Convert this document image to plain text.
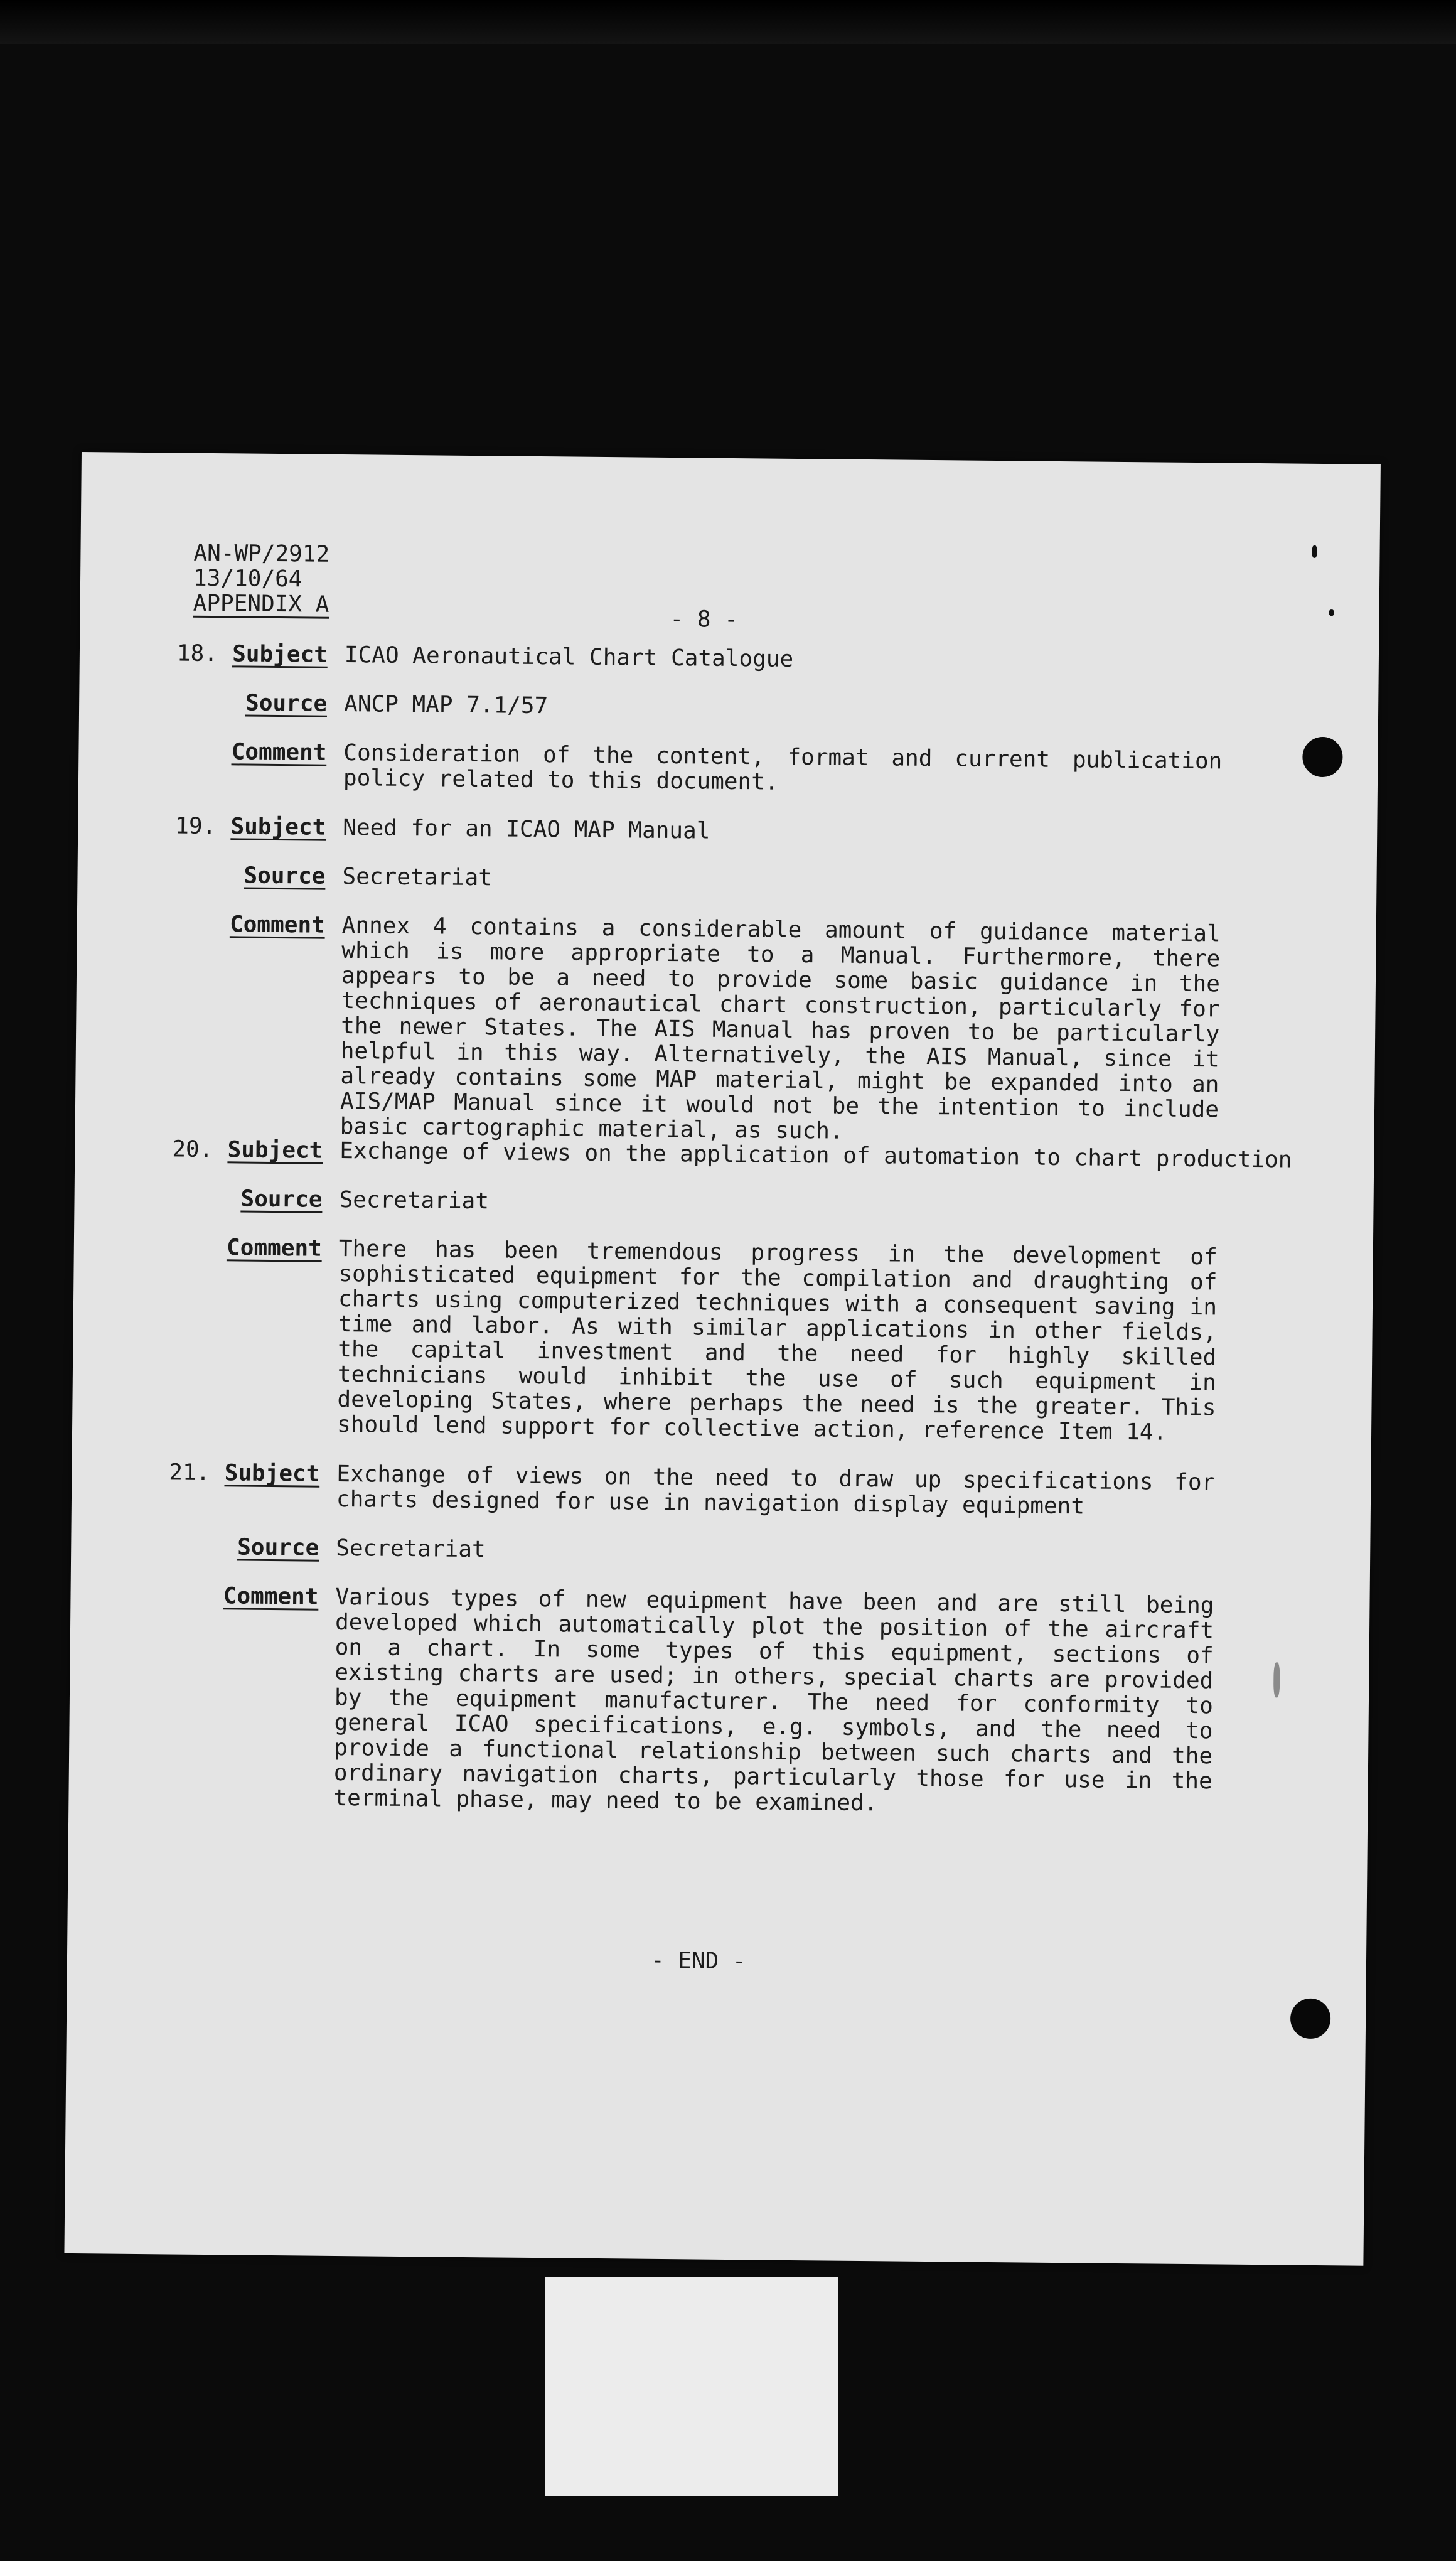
AN-WP/2912
13/10/64
APPENDIX A
- 8 -
18. Subject ICAO Aeronautical Chart Catalogue
Source ANCP MAP 7.1/57
Comment Consideration of the content, format and current publication policy related to this document.
19. Subject Need for an ICAO MAP Manual
Source Secretariat
Comment Annex 4 contains a considerable amount of guidance material which is more appropriate to a Manual. Furthermore, there appears to be a need to provide some basic guidance in the techniques of aeronautical chart construction, particularly for the newer States. The AIS Manual has proven to be particularly helpful in this way. Alternatively, the AIS Manual, since it already contains some MAP material, might be expanded into an AIS/MAP Manual since it would not be the intention to include basic cartographic material, as such.
20. Subject Exchange of views on the application of automation to chart production
Source Secretariat
Comment There has been tremendous progress in the development of sophisticated equipment for the compilation and draughting of charts using computerized techniques with a consequent saving in time and labor. As with similar applications in other fields, the capital investment and the need for highly skilled technicians would inhibit the use of such equipment in developing States, where perhaps the need is the greater. This should lend support for collective action, reference Item 14.
21. Subject Exchange of views on the need to draw up specifications for charts designed for use in navigation display equipment
Source Secretariat
Comment Various types of new equipment have been and are still being developed which automatically plot the position of the aircraft on a chart. In some types of this equipment, sections of existing charts are used; in others, special charts are provided by the equipment manufacturer. The need for conformity to general ICAO specifications, e.g. symbols, and the need to provide a functional relationship between such charts and the ordinary navigation charts, particularly those for use in the terminal phase, may need to be examined.
- END -
